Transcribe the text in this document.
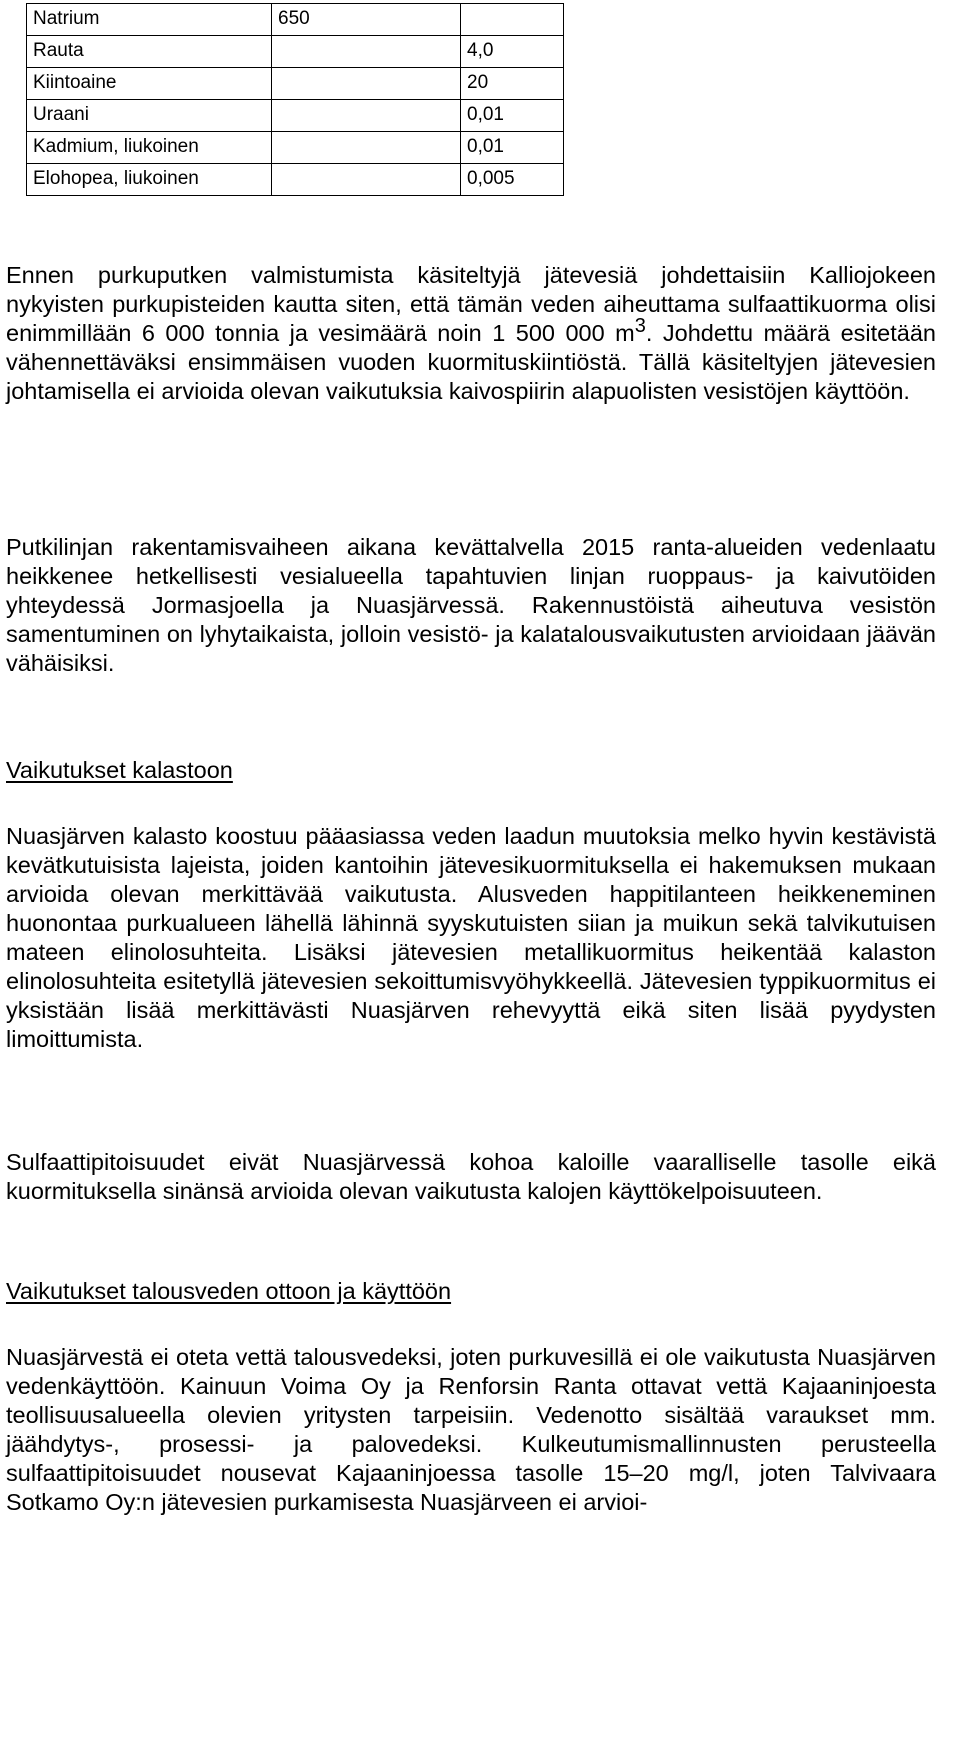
Natrium	650	
Rauta		4,0
Kiintoaine		20
Uraani		0,01
Kadmium, liukoinen		0,01
Elohopea, liukoinen		0,005

Ennen purkuputken valmistumista käsiteltyjä jätevesiä johdettaisiin Kalliojokeen nykyisten purkupisteiden kautta siten, että tämän veden aiheuttama sulfaattikuorma olisi enimmillään 6 000 tonnia ja vesimäärä noin 1 500 000 $m^3$. Johdettu määrä esitetään vähennettäväksi ensimmäisen vuoden kuormituskiintiöstä. Tällä käsiteltyjen jätevesien johtamisella ei arvioida olevan vaikutuksia kaivospiirin alapuolisten vesistöjen käyttöön.

Putkilinjan rakentamisvaiheen aikana kevättalvella 2015 ranta-alueiden vedenlaatu heikkenee hetkellisesti vesialueella tapahtuvien linjan ruoppaus- ja kaivutöiden yhteydessä Jormasjoella ja Nuasjärvessä. Rakennustöistä aiheutuva vesistön samentuminen on lyhytaikaista, jolloin vesistö- ja kalatalousvaikutusten arvioidaan jäävän vähäisiksi.

Vaikutukset kalastoon

Nuasjärven kalasto koostuu pääasiassa veden laadun muutoksia melko hyvin kestävistä kevätkutuisista lajeista, joiden kantoihin jätevesikuormituksella ei hakemuksen mukaan arvioida olevan merkittävää vaikutusta. Alusveden happitilanteen heikkeneminen huonontaa purkualueen lähellä lähinnä syyskutuisten siian ja muikun sekä talvikutuisen mateen elinolosuhteita. Lisäksi jätevesien metallikuormitus heikentää kalaston elinolosuhteita esitetyllä jätevesien sekoittumisvyöhykkeellä. Jätevesien typpikuormitus ei yksistään lisää merkittävästi Nuasjärven rehevyyttä eikä siten lisää pyydysten limoittumista.

Sulfaattipitoisuudet eivät Nuasjärvessä kohoa kaloille vaaralliselle tasolle eikä kuormituksella sinänsä arvioida olevan vaikutusta kalojen käyttökelpoisuuteen.

Vaikutukset talousveden ottoon ja käyttöön

Nuasjärvestä ei oteta vettä talousvedeksi, joten purkuvesillä ei ole vaikutusta Nuasjärven vedenkäyttöön. Kainuun Voima Oy ja Renforsin Ranta ottavat vettä Kajaaninjoesta teollisuusalueella olevien yritysten tarpeisiin. Vedenotto sisältää varaukset mm. jäähdytys-, prosessi- ja palovedeksi. Kulkeutumismallinnusten perusteella sulfaattipitoisuudet nousevat Kajaaninjoessa tasolle 15–20 mg/l, joten Talvivaara Sotkamo Oy:n jätevesien purkamisesta Nuasjärveen ei arvioi-
